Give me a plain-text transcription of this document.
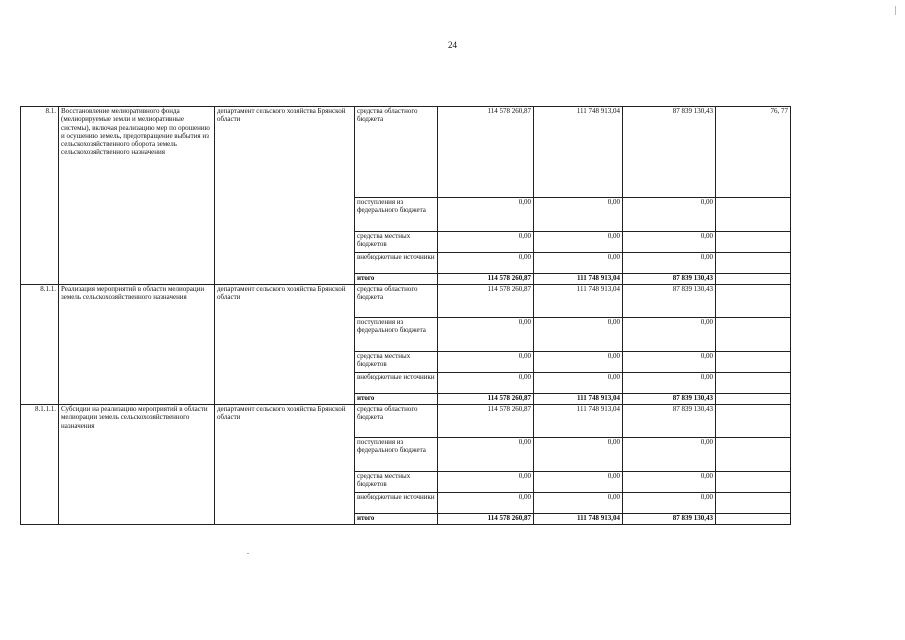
24
8.1.	Восстановление мелиоративного фонда (мелиорируемые земли и мелиоративные системы), включая реализацию мер по орошению и осушению земель, предотвращение выбытия из сельскохозяйственного оборота земель сельскохозяйственного назначения	департамент сельского хозяйства Брянской области	средства областного бюджета	114 578 260,87	111 748 913,04	87 839 130,43	76, 77
			поступления из федерального бюджета	0,00	0,00	0,00	
			средства местных бюджетов	0,00	0,00	0,00	
			внебюджетные источники	0,00	0,00	0,00	
			итого	114 578 260,87	111 748 913,04	87 839 130,43	
8.1.1.	Реализация мероприятий в области мелиорации земель сельскохозяйственного назначения	департамент сельского хозяйства Брянской области	средства областного бюджета	114 578 260,87	111 748 913,04	87 839 130,43	
			поступления из федерального бюджета	0,00	0,00	0,00	
			средства местных бюджетов	0,00	0,00	0,00	
			внебюджетные источники	0,00	0,00	0,00	
			итого	114 578 260,87	111 748 913,04	87 839 130,43	
8.1.1.1.	Субсидии на реализацию мероприятий в области мелиорации земель сельскохозяйственного назначения	департамент сельского хозяйства Брянской области	средства областного бюджета	114 578 260,87	111 748 913,04	87 839 130,43	
			поступления из федерального бюджета	0,00	0,00	0,00	
			средства местных бюджетов	0,00	0,00	0,00	
			внебюджетные источники	0,00	0,00	0,00	
			итого	114 578 260,87	111 748 913,04	87 839 130,43	
